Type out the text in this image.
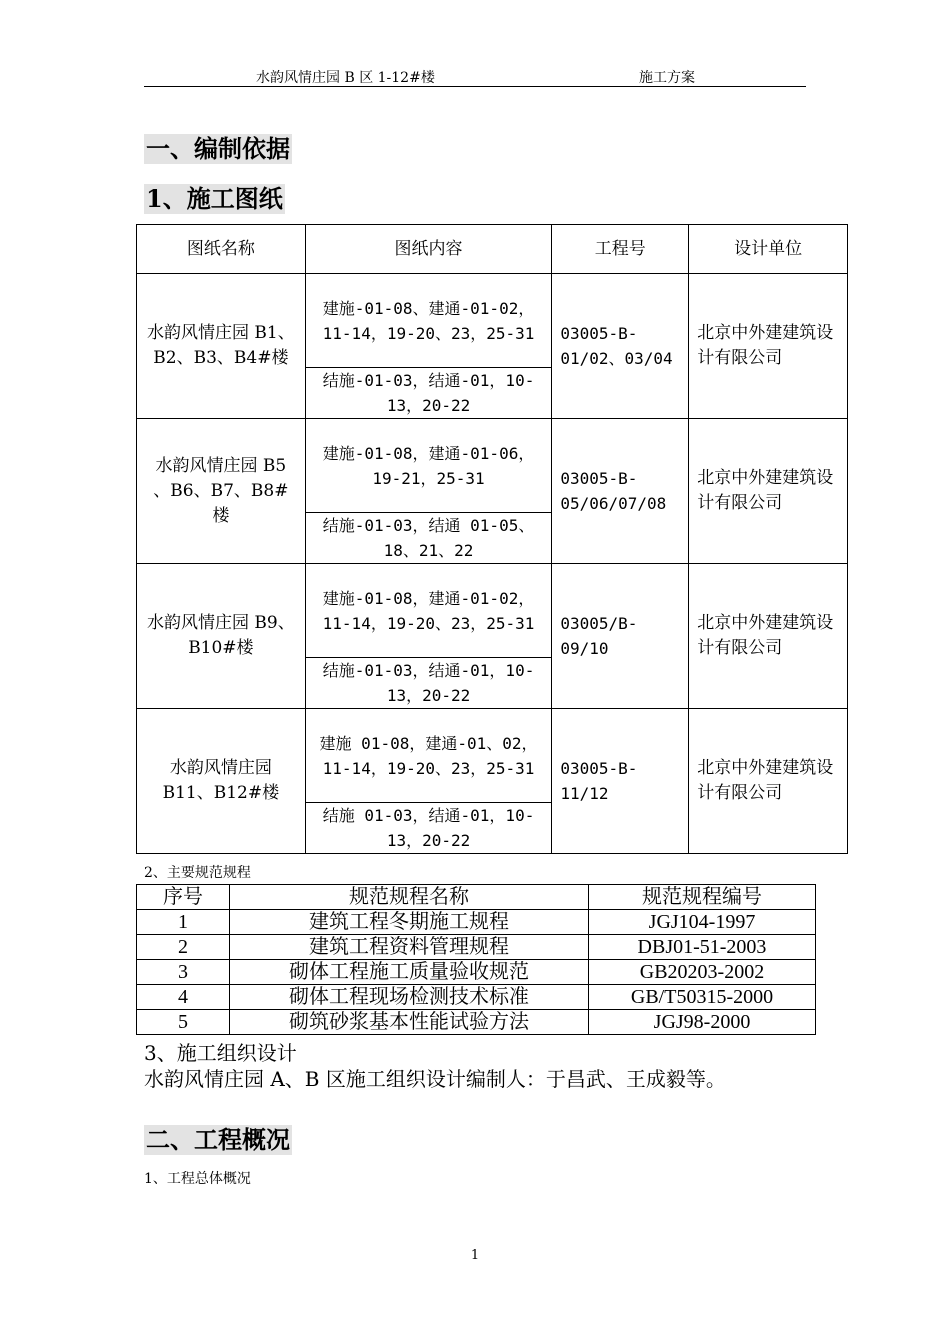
水韵风情庄园 B 区 1-12#楼	施工方案
一、编制依据
1、施工图纸
图纸名称	图纸内容	工程号	设计单位
水韵风情庄园 B1、B2、B3、B4#楼	建施-01-08、建通-01-02，11-14，19-20、23，25-31	03005-B-01/02、03/04	北京中外建建筑设计有限公司
	结施-01-03，结通-01，10-13，20-22		
水韵风情庄园 B5 、B6、B7、B8#楼	建施-01-08，建通-01-06，19-21，25-31	03005-B-05/06/07/08	北京中外建建筑设计有限公司
	结施-01-03，结通 01-05、18、21、22		
水韵风情庄园 B9、B10#楼	建施-01-08，建通-01-02，11-14，19-20、23，25-31	03005/B-09/10	北京中外建建筑设计有限公司
	结施-01-03，结通-01，10-13，20-22		
水韵风情庄园 B11、B12#楼	建施 01-08，建通-01、02，11-14，19-20、23，25-31	03005-B-11/12	北京中外建建筑设计有限公司
	结施 01-03，结通-01，10-13，20-22		
2、主要规范规程
序号	规范规程名称	规范规程编号
1	建筑工程冬期施工规程	JGJ104-1997
2	建筑工程资料管理规程	DBJ01-51-2003
3	砌体工程施工质量验收规范	GB20203-2002
4	砌体工程现场检测技术标准	GB/T50315-2000
5	砌筑砂浆基本性能试验方法	JGJ98-2000
3、施工组织设计
水韵风情庄园 A、B 区施工组织设计编制人：于昌武、王成毅等。
二、工程概况
1、工程总体概况
1
